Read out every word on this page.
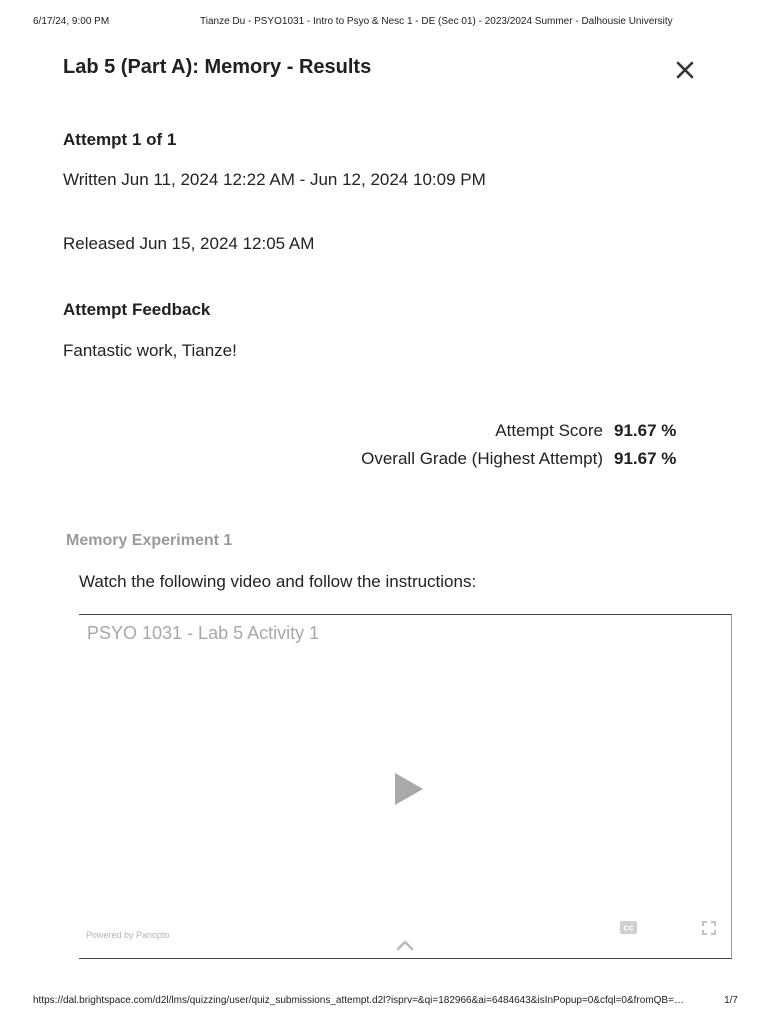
6/17/24, 9:00 PM	Tianze Du - PSYO1031 - Intro to Psyo & Nesc 1 - DE (Sec 01) - 2023/2024 Summer - Dalhousie University
Lab 5 (Part A): Memory - Results
Attempt 1 of 1
Written Jun 11, 2024 12:22 AM - Jun 12, 2024 10:09 PM
Released Jun 15, 2024 12:05 AM
Attempt Feedback
Fantastic work, Tianze!
Attempt Score 91.67 %
Overall Grade (Highest Attempt) 91.67 %
Memory Experiment 1
Watch the following video and follow the instructions:
PSYO 1031 - Lab 5 Activity 1
Powered by Panopto
CC
https://dal.brightspace.com/d2l/lms/quizzing/user/quiz_submissions_attempt.d2l?isprv=&qi=182966&ai=6484643&isInPopup=0&cfql=0&fromQB=…	1/7
